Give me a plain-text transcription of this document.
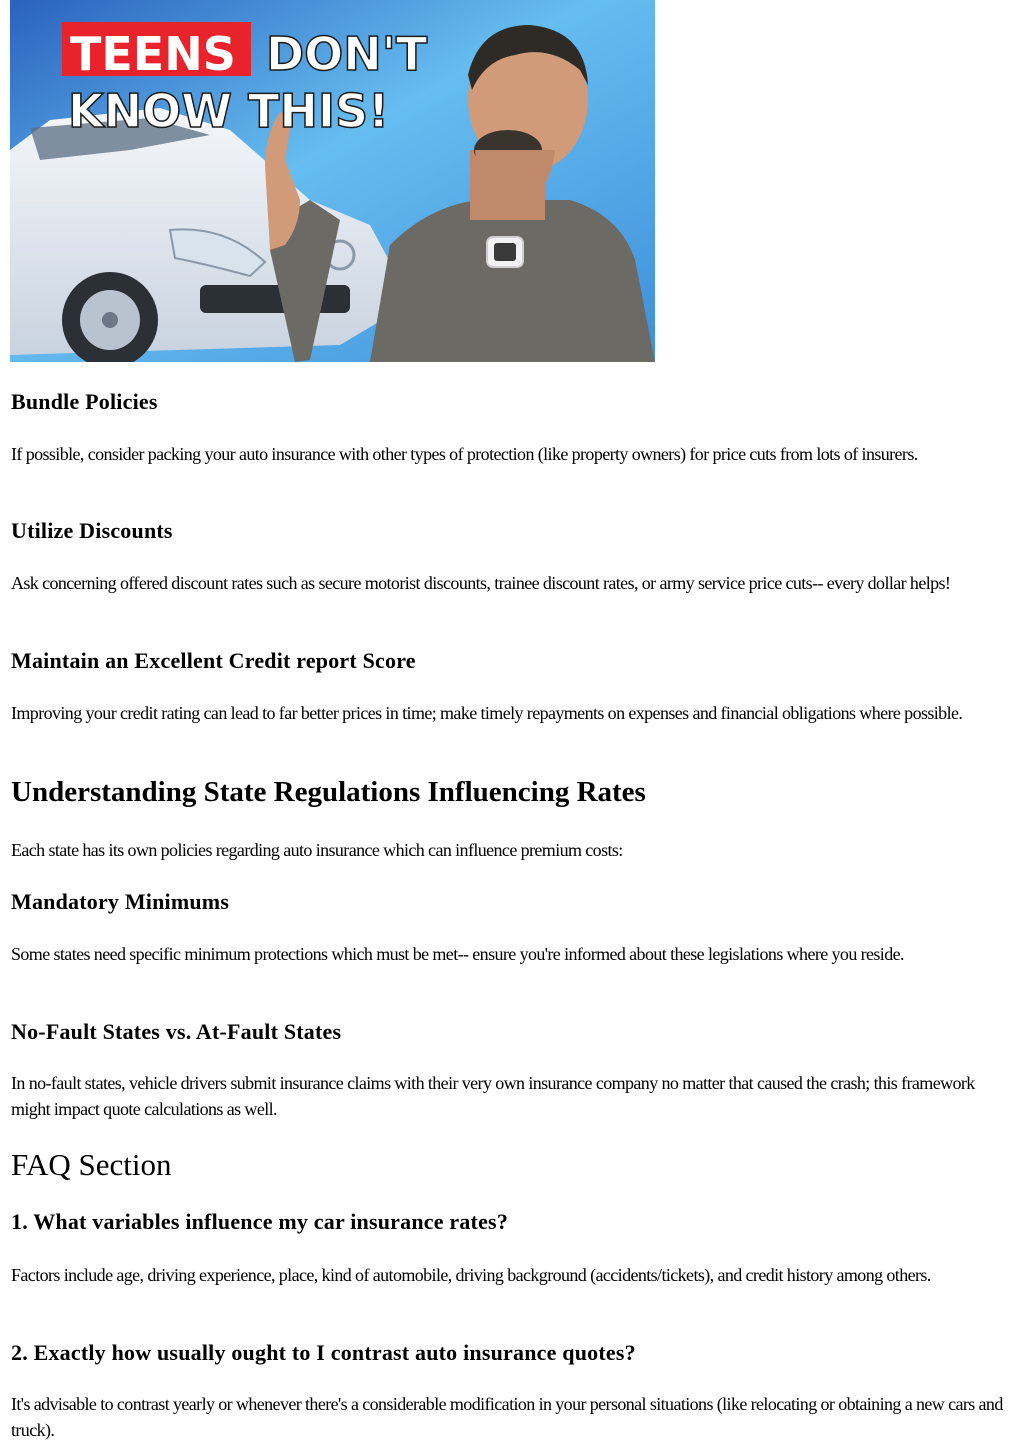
TEENS DON'T
KNOW THIS!
Bundle Policies

If possible, consider packing your auto insurance with other types of protection (like property owners) for price cuts from lots of insurers.

Utilize Discounts

Ask concerning offered discount rates such as secure motorist discounts, trainee discount rates, or army service price cuts-- every dollar helps!

Maintain an Excellent Credit report Score

Improving your credit rating can lead to far better prices in time; make timely repayments on expenses and financial obligations where possible.

Understanding State Regulations Influencing Rates

Each state has its own policies regarding auto insurance which can influence premium costs:

Mandatory Minimums

Some states need specific minimum protections which must be met-- ensure you're informed about these legislations where you reside.

No-Fault States vs. At-Fault States

In no-fault states, vehicle drivers submit insurance claims with their very own insurance company no matter that caused the crash; this framework might impact quote calculations as well.

FAQ Section
1. What variables influence my car insurance rates?

Factors include age, driving experience, place, kind of automobile, driving background (accidents/tickets), and credit history among others.

2. Exactly how usually ought to I contrast auto insurance quotes?

It's advisable to contrast yearly or whenever there's a considerable modification in your personal situations (like relocating or obtaining a new cars and truck).
